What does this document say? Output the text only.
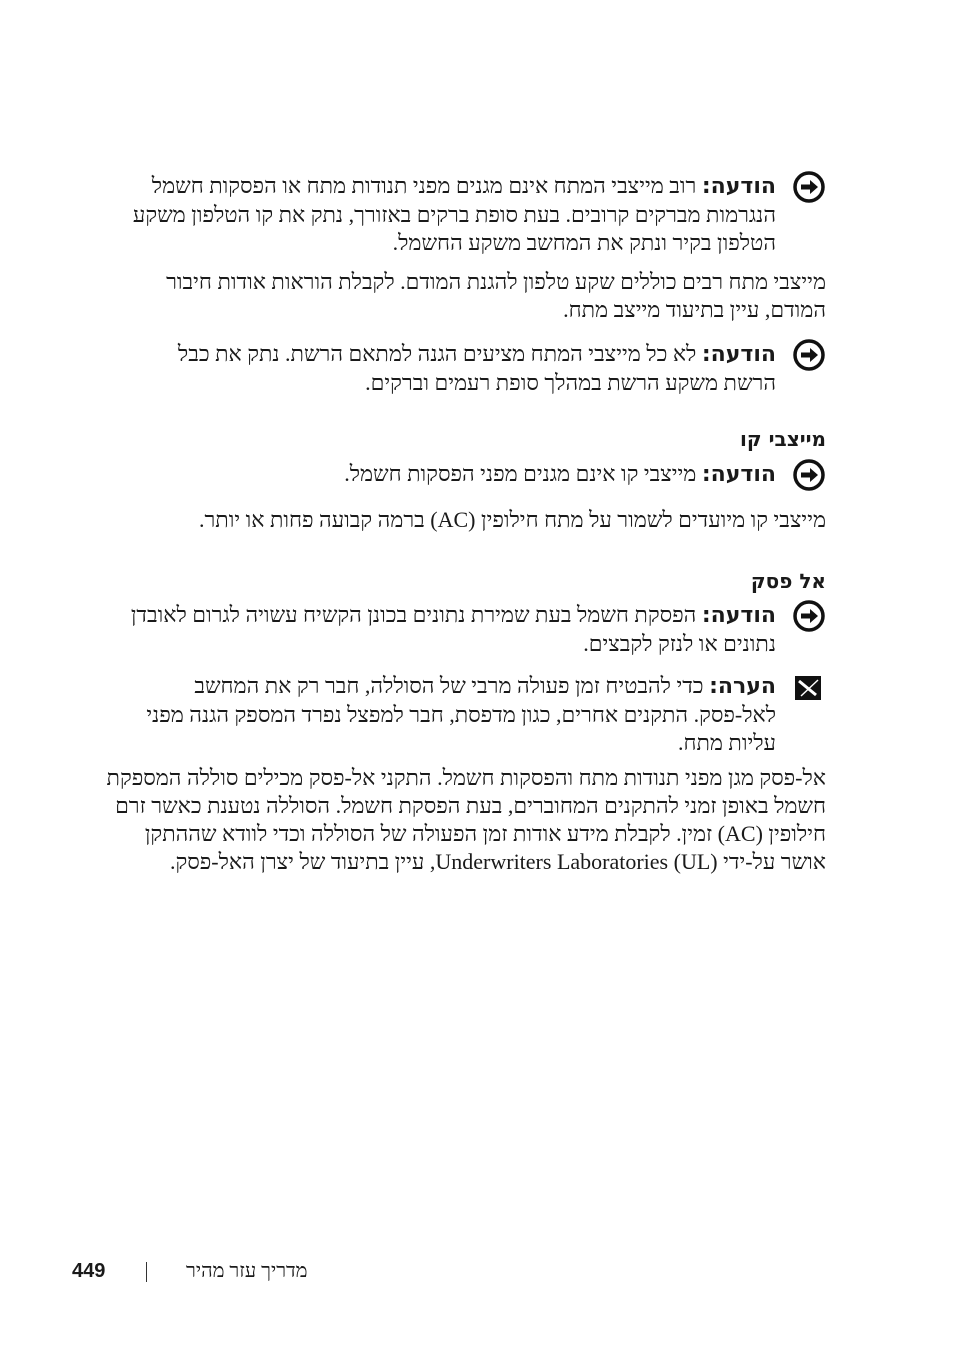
הודעה: רוב מייצבי המתח אינם מגנים מפני תנודות מתח או הפסקות חשמל הנגרמות מברקים קרובים. בעת סופת ברקים באזורך, נתק את קו הטלפון משקע הטלפון בקיר ונתק את המחשב משקע החשמל.
מייצבי מתח רבים כוללים שקע טלפון להגנת המודם. לקבלת הוראות אודות חיבור המודם, עיין בתיעוד מייצב מתח.
הודעה: לא כל מייצבי המתח מציעים הגנה למתאם הרשת. נתק את כבל הרשת משקע הרשת במהלך סופת רעמים וברקים.
מייצבי קו
הודעה: מייצבי קו אינם מגנים מפני הפסקות חשמל.
מייצבי קו מיועדים לשמור על מתח חילופין (AC) ברמה קבועה פחות או יותר.
אל פסק
הודעה: הפסקת חשמל בעת שמירת נתונים בכונן הקשיח עשויה לגרום לאובדן נתונים או לנזק לקבצים.
הערה: כדי להבטיח זמן פעולה מרבי של הסוללה, חבר רק את המחשב לאל-פסק. התקנים אחרים, כגון מדפסת, חבר למפצל נפרד המספק הגנה מפני עליות מתח.
אל-פסק מגן מפני תנודות מתח והפסקות חשמל. התקני אל-פסק מכילים סוללה המספקת חשמל באופן זמני להתקנים המחוברים, בעת הפסקת חשמל. הסוללה נטענת כאשר זרם חילופין (AC) זמין. לקבלת מידע אודות זמן הפעולה של הסוללה וכדי לוודא שההתקן אושר על-ידי Underwriters Laboratories (UL), עיין בתיעוד של יצרן האל-פסק.
449	מדריך עזר מהיר
